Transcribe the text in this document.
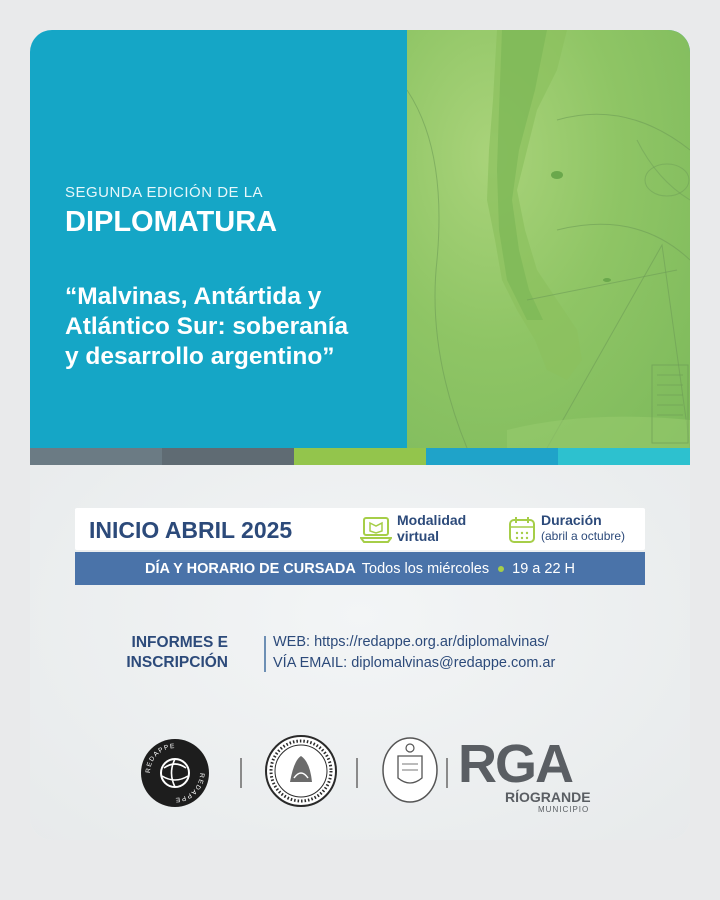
SEGUNDA EDICIÓN DE LA
DIPLOMATURA
“Malvinas, Antártida y
Atlántico Sur: soberanía
y desarrollo argentino”
INICIO ABRIL 2025	Modalidad
virtual
Duración
(abril a octubre)
DÍA Y HORARIO DE CURSADA Todos los miércoles 19 a 22 H
INFORMES E
INSCRIPCIÓN
WEB: https://redappe.org.ar/diplomalvinas/
VÍA EMAIL: diplomalvinas@redappe.com.ar
REDAPPE
REDAPPE
RGA
RÍOGRANDE
MUNICIPIO
